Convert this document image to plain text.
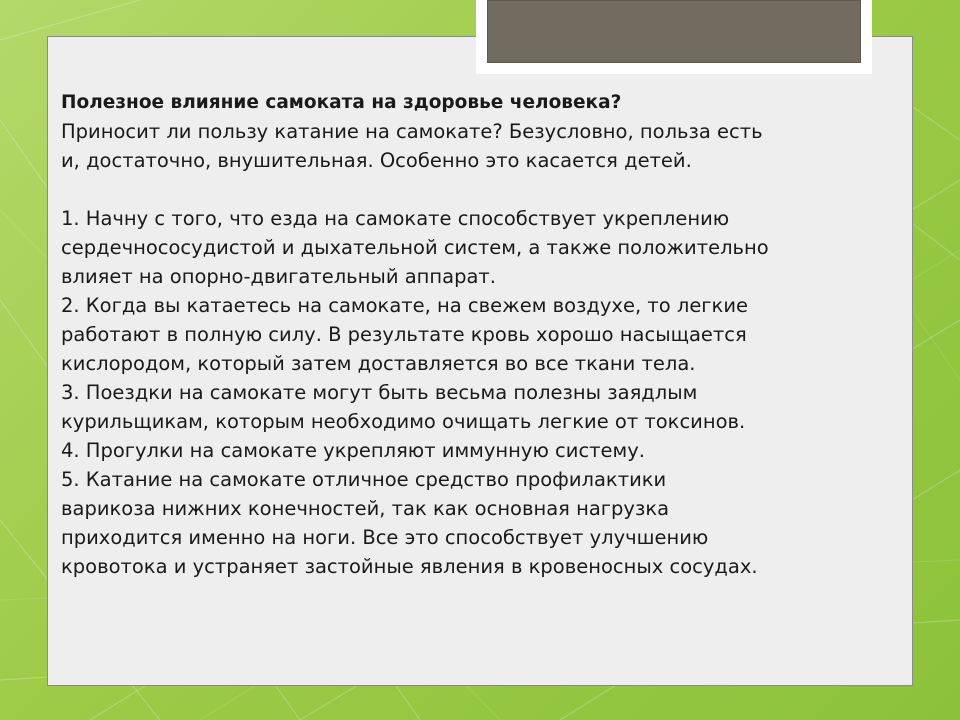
Полезное влияние самоката на здоровье человека?

Приносит ли пользу катание на самокате? Безусловно, польза есть

и, достаточно, внушительная. Особенно это касается детей.

1. Начну с того, что езда на самокате способствует укреплению

сердечнососудистой и дыхательной систем, а также положительно

влияет на опорно-двигательный аппарат.

2. Когда вы катаетесь на самокате, на свежем воздухе, то легкие

работают в полную силу. В результате кровь хорошо насыщается

кислородом, который затем доставляется во все ткани тела.

3. Поездки на самокате могут быть весьма полезны заядлым

курильщикам, которым необходимо очищать легкие от токсинов.

4. Прогулки на самокате укрепляют иммунную систему.

5. Катание на самокате отличное средство профилактики

варикоза нижних конечностей, так как основная нагрузка

приходится именно на ноги. Все это способствует улучшению

кровотока и устраняет застойные явления в кровеносных сосудах.
